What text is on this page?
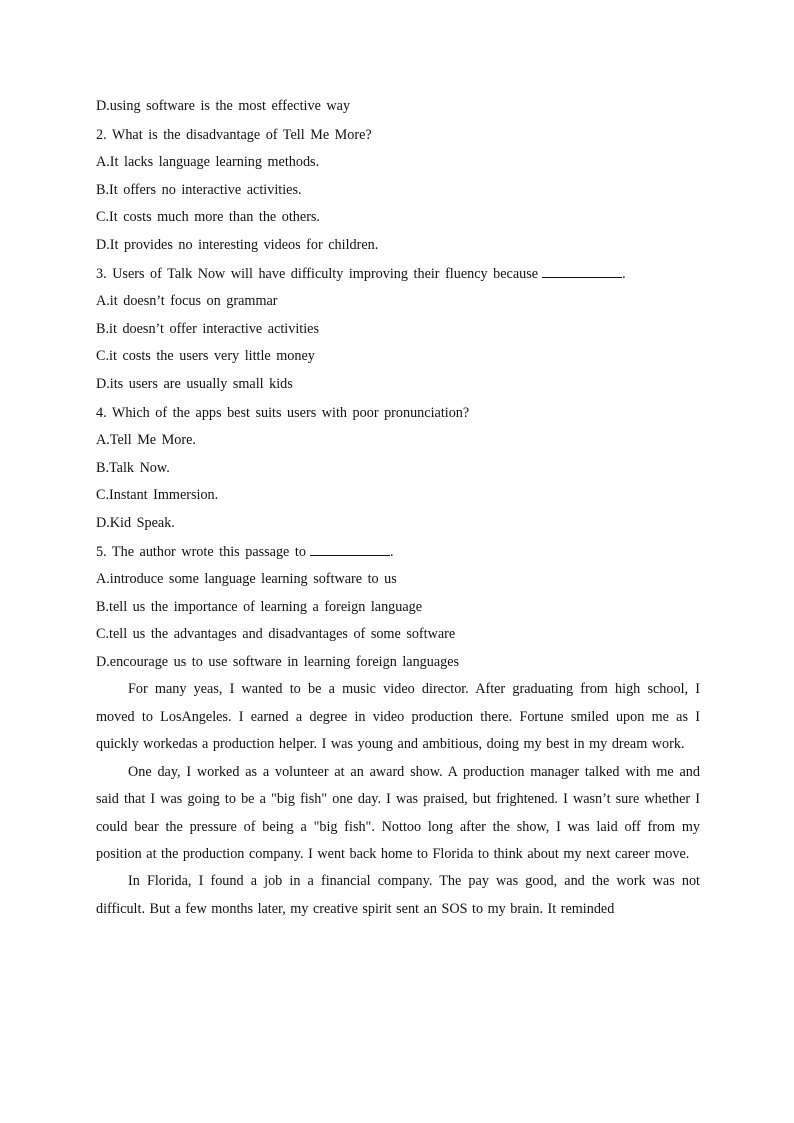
D.using software is the most effective way
2. What is the disadvantage of Tell Me More?
A.It lacks language learning methods.
B.It offers no interactive activities.
C.It costs much more than the others.
D.It provides no interesting videos for children.
3. Users of Talk Now will have difficulty improving their fluency because	.
A.it doesn’t focus on grammar
B.it doesn’t offer interactive activities
C.it costs the users very little money
D.its users are usually small kids
4. Which of the apps best suits users with poor pronunciation?
A.Tell Me More.
B.Talk Now.
C.Instant Immersion.
D.Kid Speak.
5. The author wrote this passage to	.
A.introduce some language learning software to us
B.tell us the importance of learning a foreign language
C.tell us the advantages and disadvantages of some software
D.encourage us to use software in learning foreign languages

For many yeas, I wanted to be a music video director. After graduating from high school, I moved to LosAngeles. I earned a degree in video production there. Fortune smiled upon me as I quickly workedas a production helper. I was young and ambitious, doing my best in my dream work.

One day, I worked as a volunteer at an award show. A production manager talked with me and said that I was going to be a "big fish" one day. I was praised, but frightened. I wasn’t sure whether I could bear the pressure of being a "big fish". Nottoo long after the show, I was laid off from my position at the production company. I went back home to Florida to think about my next career move.

In Florida, I found a job in a financial company. The pay was good, and the work was not difficult. But a few months later, my creative spirit sent an SOS to my brain. It reminded
